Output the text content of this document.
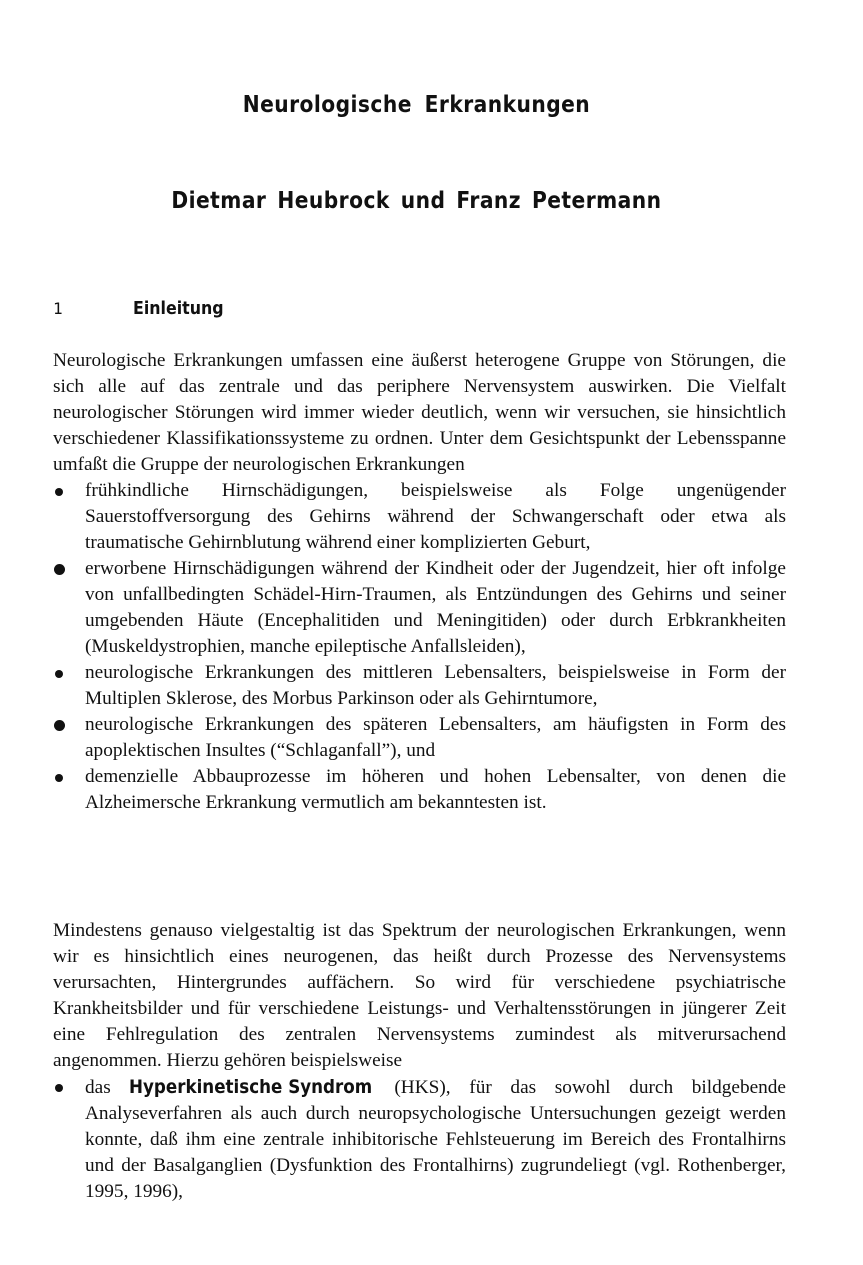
Neurologische Erkrankungen
Dietmar Heubrock und Franz Petermann
1	Einleitung

Neurologische Erkrankungen umfassen eine äußerst heterogene Gruppe von Störungen, die sich alle auf das zentrale und das periphere Nervensystem auswirken. Die Vielfalt neurologischer Störungen wird immer wieder deutlich, wenn wir versuchen, sie hinsichtlich verschiedener Klassifikationssysteme zu ordnen. Unter dem Gesichtspunkt der Lebensspanne umfaßt die Gruppe der neurologischen Erkrankungen

frühkindliche Hirnschädigungen, beispielsweise als Folge ungenügender Sauerstoffversorgung des Gehirns während der Schwangerschaft oder etwa als traumatische Gehirnblutung während einer komplizierten Geburt,
erworbene Hirnschädigungen während der Kindheit oder der Jugendzeit, hier oft infolge von unfallbedingten Schädel-Hirn-Traumen, als Entzündungen des Gehirns und seiner umgebenden Häute (Encephalitiden und Meningitiden) oder durch Erbkrankheiten (Muskeldystrophien, manche epileptische Anfallsleiden),
neurologische Erkrankungen des mittleren Lebensalters, beispielsweise in Form der Multiplen Sklerose, des Morbus Parkinson oder als Gehirntumore,
neurologische Erkrankungen des späteren Lebensalters, am häufigsten in Form des apoplektischen Insultes (“Schlaganfall”), und
demenzielle Abbauprozesse im höheren und hohen Lebensalter, von denen die Alzheimersche Erkrankung vermutlich am bekanntesten ist.

Mindestens genauso vielgestaltig ist das Spektrum der neurologischen Erkrankungen, wenn wir es hinsichtlich eines neurogenen, das heißt durch Prozesse des Nervensystems verursachten, Hintergrundes auffächern. So wird für verschiedene psychiatrische Krankheitsbilder und für verschiedene Leistungs- und Verhaltensstörungen in jüngerer Zeit eine Fehlregulation des zentralen Nervensystems zumindest als mitverursachend angenommen. Hierzu gehören beispielsweise

das Hyperkinetische Syndrom (HKS), für das sowohl durch bildgebende Analyseverfahren als auch durch neuropsychologische Untersuchungen gezeigt werden konnte, daß ihm eine zentrale inhibitorische Fehlsteuerung im Bereich des Frontalhirns und der Basalganglien (Dysfunktion des Frontalhirns) zugrundeliegt (vgl. Rothenberger, 1995, 1996),
